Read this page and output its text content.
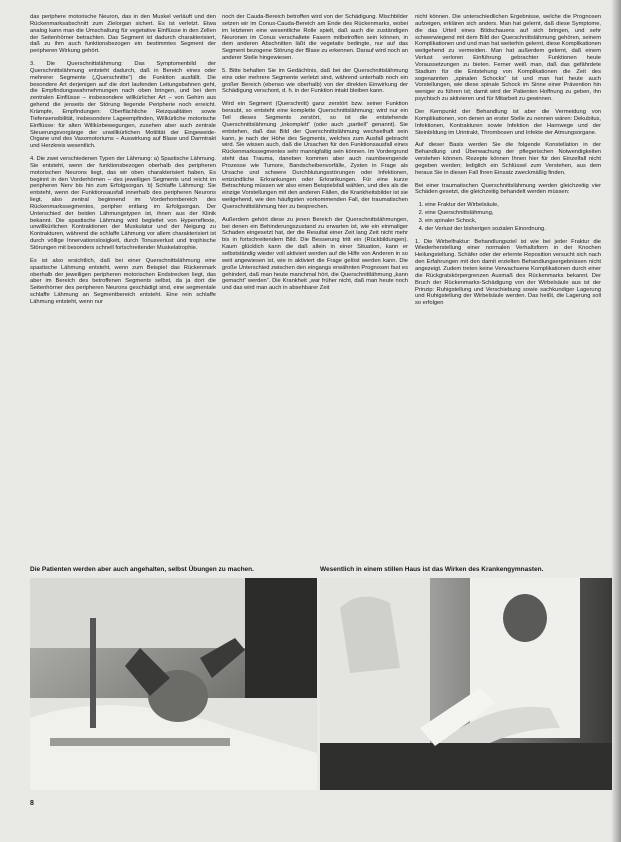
das periphere motorische Neuron, das in den Muskel verläuft und den Rückenmarksabschnitt zum Zielorgan sichert. Es ist verletzt. Etwa analog kann man die Umschaltung für vegetative Einflüsse in den Zellen der Seitenhörner betrachten. Das Segment ist dadurch charakterisiert, daß zu ihm auch funktionsbezogen ein bestimmtes Segment der peripheren Wirkung gehört.

3. Die Querschnittslähmung: Das Symptomenbild der Querschnittslähmung entsteht dadurch, daß in Bereich eines oder mehrerer Segmente („Querschnitte“) die Funktion ausfällt. Die besondere Art derjenigen auf die dort laufenden Leitungsbahnen geht, die Empfindungswahrnehmungen nach oben bringen, und bei dem zentralen Einflüsse – insbesondere willkürlicher Art – von Gehirn aus gehend die jenseits der Störung liegende Peripherie noch erreicht. Krämpfe, Empfindungen: Oberflächliche Reizqualitäten sowie Tiefensensibilität, insbesondere Lageempfinden, Willkürliche motorische Einflüsse: für alten Willkürbewegungen, zusehen aber auch zentrale Steuerungsvorgänge der unwillkürlichen Motilität der Eingeweide-Organe und des Vasomotoriums – Auswirkung auf Blase und Darmtrakt und Herzkreis wesentlich.

4. Die zwei verschiedenen Typen der Lähmung: a) Spastische Lähmung. Sie entsteht, wenn der funktionsbezogen oberhalb des peripheren motorischen Neurons liegt, das wir oben charakterisiert haben. Es beginnt in den Vorderhörnen – des jeweiligen Segments und reicht im peripheren Nerv bis hin zum Erfolgsorgan. b) Schlaffe Lähmung: Sie entsteht, wenn der Funktionsausfall innerhalb des peripheren Neurons liegt, also zentral beginnend im Vorderhornbereich des Rückenmarkssegmentes, peripher entlang im Erfolgsorgan. Der Unterschied der beiden Lähmungstypen ist, ihnen aus der Klinik bekannt. Die spastische Lähmung wird begleitet von Hyperreflexie, unwillkürlichen Kontraktionen der Muskulatur und der Neigung zu Kontrakturen, während die schlaffe Lähmung vor allem charakterisiert ist durch völlige Innervationslosigkeit, durch Tonusverlust und trophische Störungen mit besonders schnell fortschreitender Muskelatrophie.

Es ist also ersichtlich, daß bei einer Querschnittslähmung eine spastische Lähmung entsteht, wenn zum Beispiel das Rückenmark oberhalb der jeweiligen peripheren motorischen Endstrecken liegt, das aber im Bereich des betroffenen Segments selbst, da ja dort die Seitenhörner des peripheren Neurons geschädigt sind, eine segmentale schlaffe Lähmung an Segmentbereich entsteht. Eine rein schlaffe Lähmung entsteht, wenn nur

noch der Cauda-Bereich betroffen wird von der Schädigung. Mischbilder setzen wir im Conus-Cauda-Bereich am Ende des Rückenmarks, wobei im letzteren eine wesentliche Rolle spielt, daß auch die zuständigen Neuronen im Conus verschaltete Fasern mitbetroffen sein können, in dem anderen Abschnitten läßt die vegetativ bedingte, nur auf das Segment bezogene Störung der Blase zu erkennen. Darauf wird noch an anderer Stelle hingewiesen.

5. Bitte behalten Sie im Gedächtnis, daß bei der Querschnittslähmung eins oder mehrere Segmente verletzt sind, während unterhalb noch ein großer Bereich (ebenso wie oberhalb) von der direkten Einwirkung der Schädigung verschont, d. h. in der Funktion intakt bleiben kann.

Wird ein Segment (Querschnitt) ganz zerstört bzw. seiner Funktion beraubt, so entsteht eine komplette Querschnittslähmung; wird nur ein Teil dieses Segments zerstört, so ist die entstehende Querschnittslähmung „inkomplett“ (oder auch „partiell“ genannt). Sie entstehen, daß das Bild der Querschnittslähmung wechselhaft sein kann, je nach der Höhe des Segments, welches zum Ausfall gebracht wird. Sie wissen auch, daß die Ursachen für den Funktionsausfall eines Rückenmarkssegmentes sehr mannigfaltig sein können. Im Vordergrund steht das Trauma, daneben kommen aber auch raumbeengende Prozesse wie Tumore, Bandscheibenvorfälle, Zysten in Frage als Ursache und schwere Durchblutungsstörungen oder Infektionen, entzündliche Erkrankungen oder Erkrankungen. Für eine kurze Betrachtung müssen wir also einen Beispielsfall wählen, und dies als die einzige Vorstellungen mit den anderen Fällen, die Krankheitsbilder ist sie weitgehend, wie den häufigsten vorkommenden Fall, der traumatischen Querschnittslähmung hier zu besprechen.

Außerdem gehört diese zu jenen Bereich der Querschnittslähmungen, bei denen ein Behinderungszustand zu erwarten ist, wie ein einmaliger Schaden eingesetzt hat, der die Resultat einer Zeit lang Zeit nicht mehr bis in fortschreitendem Bild. Die Besserung tritt ein (Rückbildungen). Kaum glücklich kann die daß allein in einer Situation, kann er selbstständig wieder voll aktiviert werden auf die Hilfe von Anderen in so weit angewiesen ist, wie in aktiviert die Frage gelöst werden kann. Die große Unterschied zwischen den eingangs erwähnten Prognosen fast es gehindert, daß man heute manchmal hört, die Querschnittlähmung „kann gemacht“ werden“. Die Krankheit „war früher nicht, daß man heute noch und das wird man auch in absehbarer Zeit

nicht können. Die unterschiedlichen Ergebnisse, welche die Prognosen aufzeigen, erklären sich anders. Man hat gelernt, daß diese Symptome, die das Urteil eines Bildschauens auf sich bringen, und sehr schwerwiegend mit dem Bild der Querschnittslähmung gehören, seinem Komplikationen und und man hat weiterhin gelernt, diese Komplikationen weitgehend zu vermeiden. Man hat außerdem gelernt, daß einem Verlust verloren Einführung gebrachter Funktionen heute Voraussetzungen zu bieten. Ferner weiß man, daß das gefährdete Stadium für die Entstehung von Komplikationen die Zeit des sogenannten „spinalen Schocks“ ist und man hat heute auch Vorstellungen, wie diese spinale Schock im Sinne einer Prävention hin weniger zu führen ist; damit wird der Patienten Hoffnung zu geben, ihn psychisch zu aktivieren und für Mitarbeit zu gewinnen.

Der Kernpunkt der Behandlung ist aber die Vermeidung von Komplikationen, von denen an erster Stelle zu nennen wären: Dekubitus, Infektionen, Kontrakturen sowie Infektion der Harnwege und der Steinbildung im Urintrakt, Thrombosen und Infekte der Atmungsorgane.

Auf dieser Basis werden Sie die folgende Konstellation in der Behandlung und Überwachung der pflegerischen Notwendigkeiten verstehen können. Rezepte können Ihnen hier für den Einzelfall nicht gegeben werden; lediglich ein Schlüssel zum Verstehen, aus dem heraus Sie in diesen Fall Ihren Einsatz zweckmäßig finden.

Bei einer traumatischen Querschnittslähmung werden gleichzeitig vier Schäden gesetzt, die gleichzeitig behandelt werden müssen:

1. eine Fraktur der Wirbelsäule,
2. eine Querschnittslähmung,
3. ein spinaler Schock,
4. der Verlust der bisherigen sozialen Einordnung.

1. Die Wirbelfraktur: Behandlungsziel ist wie bei jeder Fraktur die Wiederherstellung einer normalen Verhaltsform in der Knochen Heilungstellung. Schäfer oder der erlernte Reposition versucht sich nach den Erfahrungen mit den damit erzielten Behandlungsergebnissen nicht angezeigt. Zudem treten keine Verwachsene Komplikationen durch einer die Rückgratskörpergrenzen Ausmaß des Rückenmarks bekannt. Der Bruch der Rückenmarks-Schädigung von der Wirbelsäule aus ist der Prinzip: Ruhigstellung und Verschiebung sowie sachkundiger Lagerung und Ruhigstellung der Wirbelsäule werden. Das heißt, die Lagerung soll so erfolgen

Die Patienten werden aber auch angehalten, selbst Übungen zu machen.	Wesentlich in einem stillen Haus ist das Wirken des Krankengymnasten.
8
